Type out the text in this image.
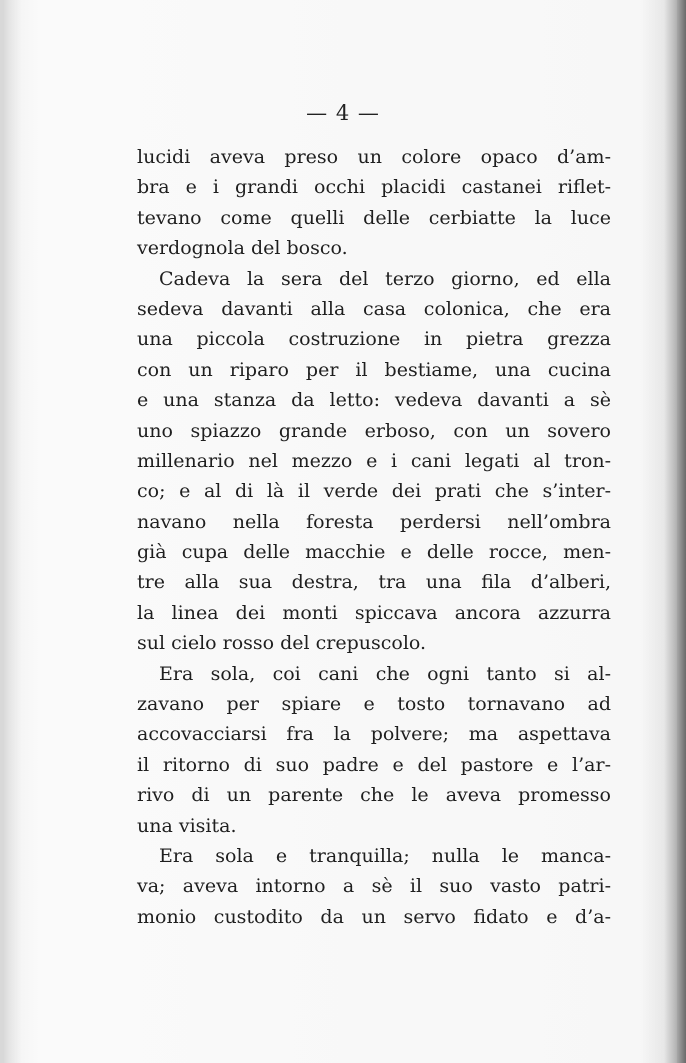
— 4 —
lucidi aveva preso un colore opaco d’am-
bra e i grandi occhi placidi castanei riflet-
tevano come quelli delle cerbiatte la luce
verdognola del bosco.
Cadeva la sera del terzo giorno, ed ella
sedeva davanti alla casa colonica, che era
una piccola costruzione in pietra grezza
con un riparo per il bestiame, una cucina
e una stanza da letto: vedeva davanti a sè
uno spiazzo grande erboso, con un sovero
millenario nel mezzo e i cani legati al tron-
co; e al di là il verde dei prati che s’inter-
navano nella foresta perdersi nell’ombra
già cupa delle macchie e delle rocce, men-
tre alla sua destra, tra una fila d’alberi,
la linea dei monti spiccava ancora azzurra
sul cielo rosso del crepuscolo.
Era sola, coi cani che ogni tanto si al-
zavano per spiare e tosto tornavano ad
accovacciarsi fra la polvere; ma aspettava
il ritorno di suo padre e del pastore e l’ar-
rivo di un parente che le aveva promesso
una visita.
Era sola e tranquilla; nulla le manca-
va; aveva intorno a sè il suo vasto patri-
monio custodito da un servo fidato e d’a-
